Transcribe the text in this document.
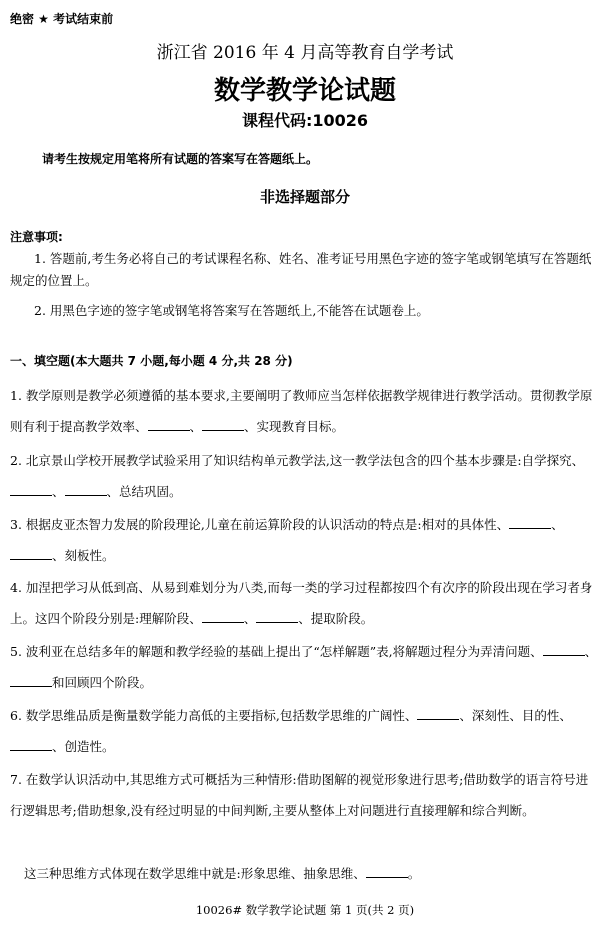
绝密 ★ 考试结束前
浙江省 2016 年 4 月高等教育自学考试
数学教学论试题
课程代码:10026
请考生按规定用笔将所有试题的答案写在答题纸上。
非选择题部分
注意事项:
1. 答题前,考生务必将自己的考试课程名称、姓名、准考证号用黑色字迹的签字笔或钢笔填写在答题纸规定的位置上。
2. 用黑色字迹的签字笔或钢笔将答案写在答题纸上,不能答在试题卷上。
一、填空题(本大题共 7 小题,每小题 4 分,共 28 分)
1. 教学原则是教学必须遵循的基本要求,主要阐明了教师应当怎样依据教学规律进行教学活动。贯彻教学原则有利于提高教学效率、	、	、实现教育目标。
2. 北京景山学校开展教学试验采用了知识结构单元教学法,这一教学法包含的四个基本步骤是:自学探究、、	、总结巩固。
3. 根据皮亚杰智力发展的阶段理论,儿童在前运算阶段的认识活动的特点是:相对的具体性、	、、刻板性。
4. 加涅把学习从低到高、从易到难划分为八类,而每一类的学习过程都按四个有次序的阶段出现在学习者身上。这四个阶段分别是:理解阶段、	、	、提取阶段。
5. 波利亚在总结多年的解题和教学经验的基础上提出了“怎样解题”表,将解题过程分为弄清问题、	、和回顾四个阶段。
6. 数学思维品质是衡量数学能力高低的主要指标,包括数学思维的广阔性、	、深刻性、目的性、、创造性。
7. 在数学认识活动中,其思维方式可概括为三种情形:借助图解的视觉形象进行思考;借助数学的语言符号进行逻辑思考;借助想象,没有经过明显的中间判断,主要从整体上对问题进行直接理解和综合判断。
这三种思维方式体现在数学思维中就是:形象思维、抽象思维、	。
10026# 数学教学论试题 第 1 页(共 2 页)
